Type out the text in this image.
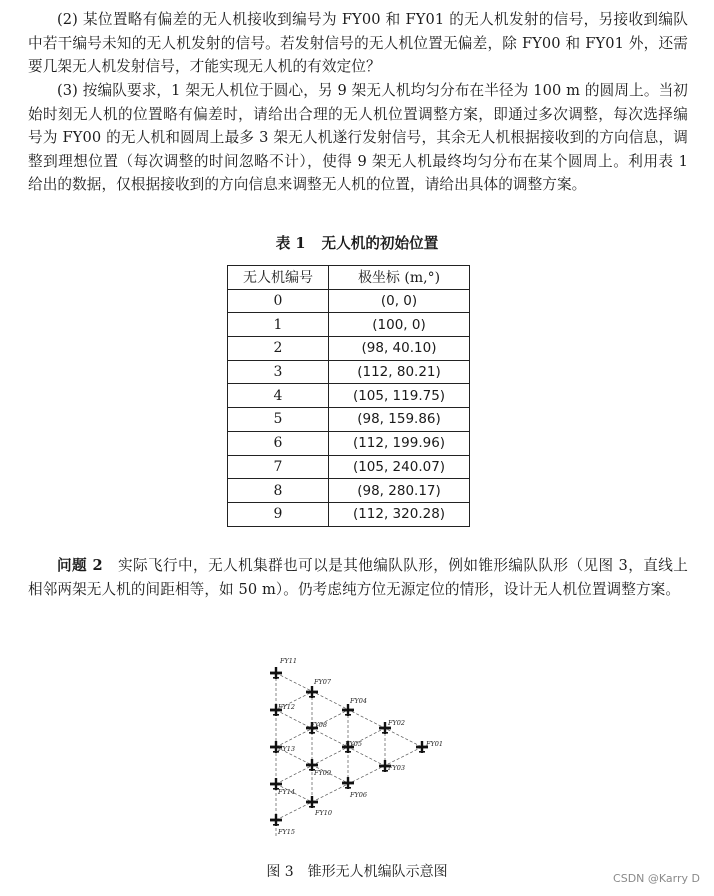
(2) 某位置略有偏差的无人机接收到编号为 FY00 和 FY01 的无人机发射的信号，另接收到编队中若干编号未知的无人机发射的信号。若发射信号的无人机位置无偏差，除 FY00 和 FY01 外，还需要几架无人机发射信号，才能实现无人机的有效定位？

(3) 按编队要求，1 架无人机位于圆心，另 9 架无人机均匀分布在半径为 100 m 的圆周上。当初始时刻无人机的位置略有偏差时，请给出合理的无人机位置调整方案，即通过多次调整，每次选择编号为 FY00 的无人机和圆周上最多 3 架无人机遂行发射信号，其余无人机根据接收到的方向信息，调整到理想位置（每次调整的时间忽略不计），使得 9 架无人机最终均匀分布在某个圆周上。利用表 1 给出的数据，仅根据接收到的方向信息来调整无人机的位置，请给出具体的调整方案。

表 1 无人机的初始位置
无人机编号	极坐标 (m,°)
0	(0, 0)
1	(100, 0)
2	(98, 40.10)
3	(112, 80.21)
4	(105, 119.75)
5	(98, 159.86)
6	(112, 199.96)
7	(105, 240.07)
8	(98, 280.17)
9	(112, 320.28)

问题 2 实际飞行中，无人机集群也可以是其他编队队形，例如锥形编队队形（见图 3，直线上相邻两架无人机的间距相等，如 50 m）。仍考虑纯方位无源定位的情形，设计无人机位置调整方案。

FY11
FY07
FY12
FY04
FY08	FY02
FY13
FY05	FY01
FY09
FY03
FY14	FY06
FY10
FY15
图 3 锥形无人机编队示意图	CSDN @Karry D
